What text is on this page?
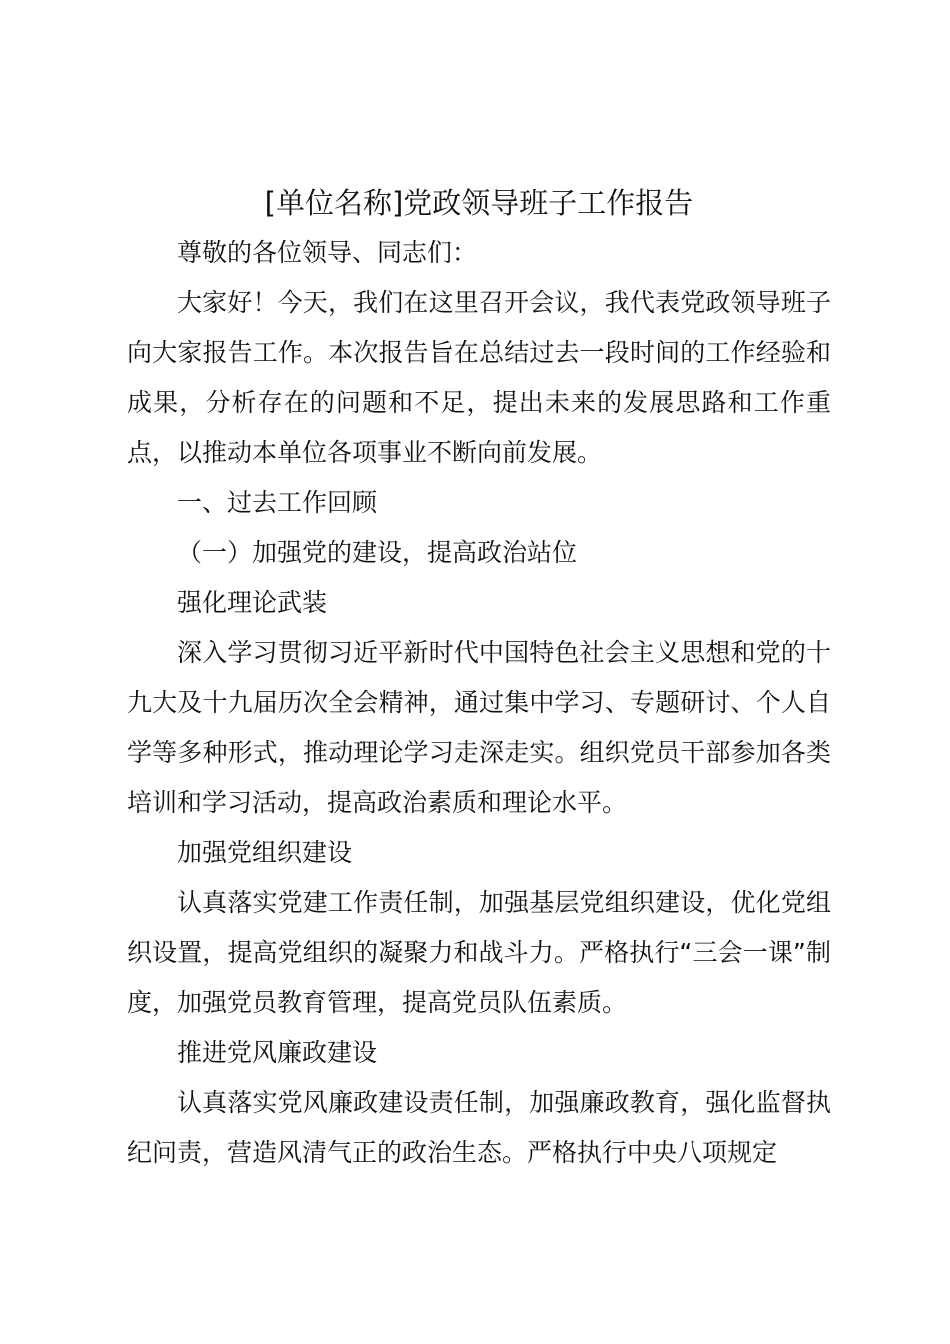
[单位名称]党政领导班子工作报告

尊敬的各位领导、同志们：

大家好！今天，我们在这里召开会议，我代表党政领导班子向大家报告工作。本次报告旨在总结过去一段时间的工作经验和成果，分析存在的问题和不足，提出未来的发展思路和工作重点，以推动本单位各项事业不断向前发展。

一、过去工作回顾

（一）加强党的建设，提高政治站位

强化理论武装

深入学习贯彻习近平新时代中国特色社会主义思想和党的十九大及十九届历次全会精神，通过集中学习、专题研讨、个人自学等多种形式，推动理论学习走深走实。组织党员干部参加各类培训和学习活动，提高政治素质和理论水平。

加强党组织建设

认真落实党建工作责任制，加强基层党组织建设，优化党组织设置，提高党组织的凝聚力和战斗力。严格执行“三会一课”制度，加强党员教育管理，提高党员队伍素质。

推进党风廉政建设

认真落实党风廉政建设责任制，加强廉政教育，强化监督执纪问责，营造风清气正的政治生态。严格执行中央八项规定
